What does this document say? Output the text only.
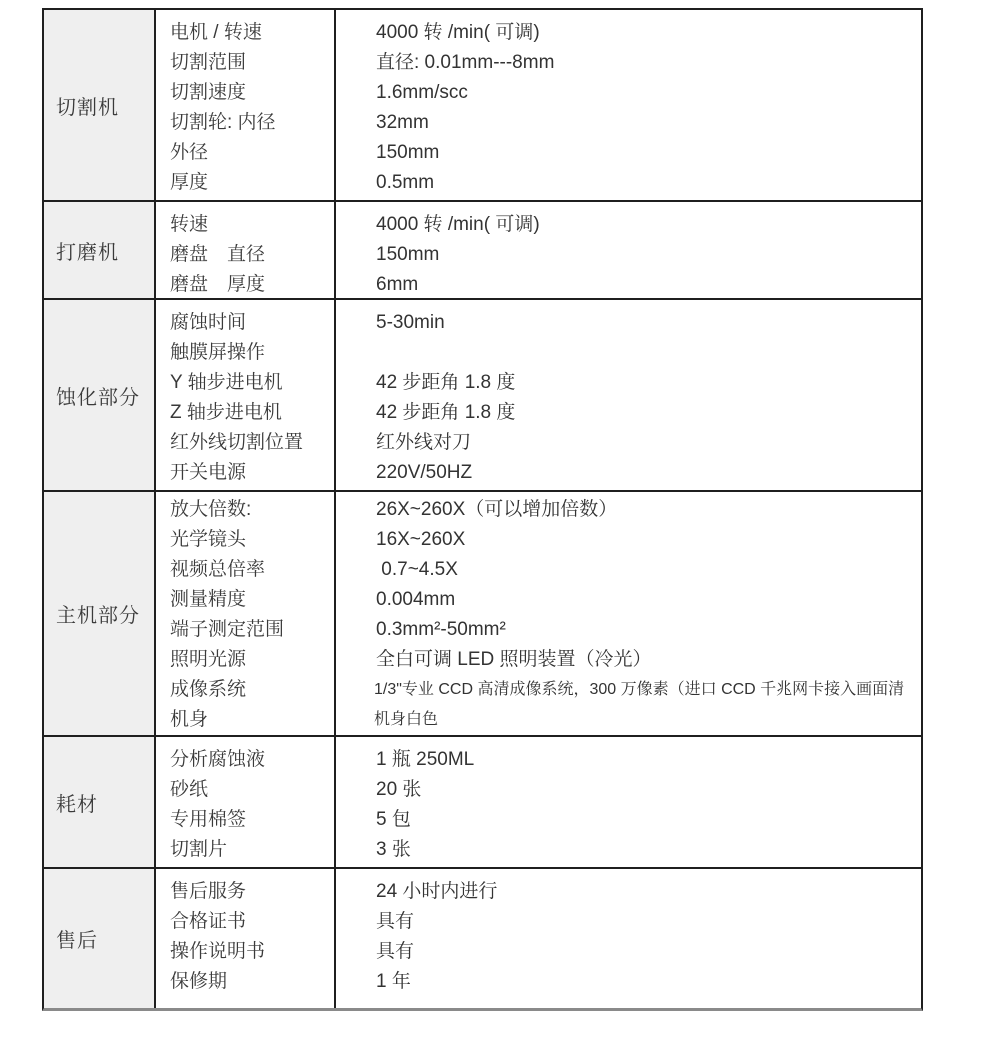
切割机
电机 / 转速
切割范围
切割速度
切割轮: 内径
外径
厚度
4000 转 /min( 可调)
直径: 0.01mm---8mm
1.6mm/scc
32mm
150mm
0.5mm
打磨机
转速
磨盘　直径
磨盘　厚度
4000 转 /min( 可调)
150mm
6mm
蚀化部分
腐蚀时间
触膜屏操作
Y 轴步进电机
Z 轴步进电机
红外线切割位置
开关电源
5-30min
42 步距角 1.8 度
42 步距角 1.8 度
红外线对刀
220V/50HZ
主机部分
放大倍数:
光学镜头
视频总倍率
测量精度
端子测定范围
照明光源
成像系统
机身
26X~260X（可以增加倍数）
16X~260X
0.7~4.5X
0.004mm
0.3mm²-50mm²
全白可调 LED 照明装置（冷光）
1/3"专业 CCD 高清成像系统，300 万像素（进口 CCD 千兆网卡接入画面清
机身白色
耗材
分析腐蚀液
砂纸
专用棉签
切割片
1 瓶 250ML
20 张
5 包
3 张
售后
售后服务
合格证书
操作说明书
保修期
24 小时内进行
具有
具有
1 年
